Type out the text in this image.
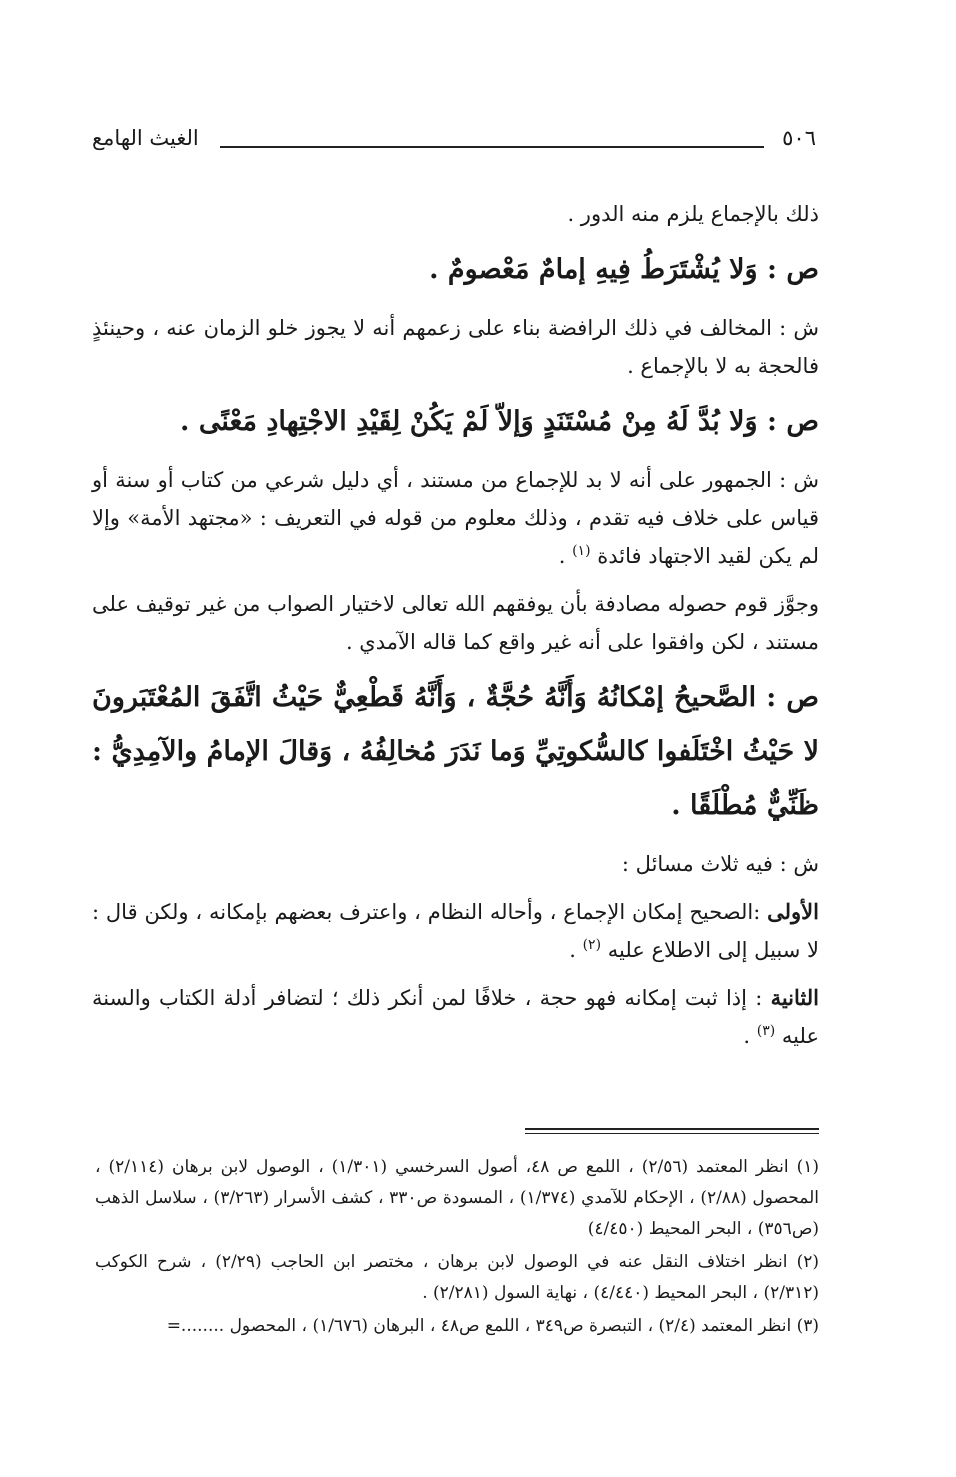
٥٠٦
الغيث الهامع

ذلك بالإجماع يلزم منه الدور .

ص : وَلا يُشْتَرَطُ فِيهِ إمامٌ مَعْصومٌ .

ش : المخالف في ذلك الرافضة بناء على زعمهم أنه لا يجوز خلو الزمان عنه ، وحينئذٍ فالحجة به لا بالإجماع .

ص : وَلا بُدَّ لَهُ مِنْ مُسْتَنَدٍ وَإلاّ لَمْ يَكُنْ لِقَيْدِ الاجْتِهادِ مَعْنًى .

ش : الجمهور على أنه لا بد للإجماع من مستند ، أي دليل شرعي من كتاب أو سنة أو قياس على خلاف فيه تقدم ، وذلك معلوم من قوله في التعريف : «مجتهد الأمة» وإلا لم يكن لقيد الاجتهاد فائدة $^{(١)}$ .

وجوَّز قوم حصوله مصادفة بأن يوفقهم الله تعالى لاختيار الصواب من غير توقيف على مستند ، لكن وافقوا على أنه غير واقع كما قاله الآمدي .

ص : الصَّحيحُ إمْكانُهُ وَأَنَّهُ حُجَّةٌ ، وَأَنَّهُ قَطْعِيٌّ حَيْثُ اتَّفَقَ المُعْتَبَرونَ لا حَيْثُ اخْتَلَفوا كالسُّكوتِيِّ وَما نَدَرَ مُخالِفُهُ ، وَقالَ الإمامُ والآمِدِيُّ : ظَنِّيٌّ مُطْلَقًا .

ش : فيه ثلاث مسائل :

الأولى :الصحيح إمكان الإجماع ، وأحاله النظام ، واعترف بعضهم بإمكانه ، ولكن قال : لا سبيل إلى الاطلاع عليه $^{(٢)}$ .

الثانية : إذا ثبت إمكانه فهو حجة ، خلافًا لمن أنكر ذلك ؛ لتضافر أدلة الكتاب والسنة عليه $^{(٣)}$ .

(١) انظر المعتمد (٢/٥٦) ، اللمع ص ٤٨، أصول السرخسي (١/٣٠١) ، الوصول لابن برهان (٢/١١٤) ، المحصول (٢/٨٨) ، الإحكام للآمدي (١/٣٧٤) ، المسودة ص٣٣٠ ، كشف الأسرار (٣/٢٦٣) ، سلاسل الذهب (ص٣٥٦) ، البحر المحيط (٤/٤٥٠)

(٢) انظر اختلاف النقل عنه في الوصول لابن برهان ، مختصر ابن الحاجب (٢/٢٩) ، شرح الكوكب (٢/٣١٢) ، البحر المحيط (٤/٤٤٠) ، نهاية السول (٢/٢٨١) .

(٣) انظر المعتمد (٢/٤) ، التبصرة ص٣٤٩ ، اللمع ص٤٨ ، البرهان (١/٦٧٦) ، المحصول ........=
